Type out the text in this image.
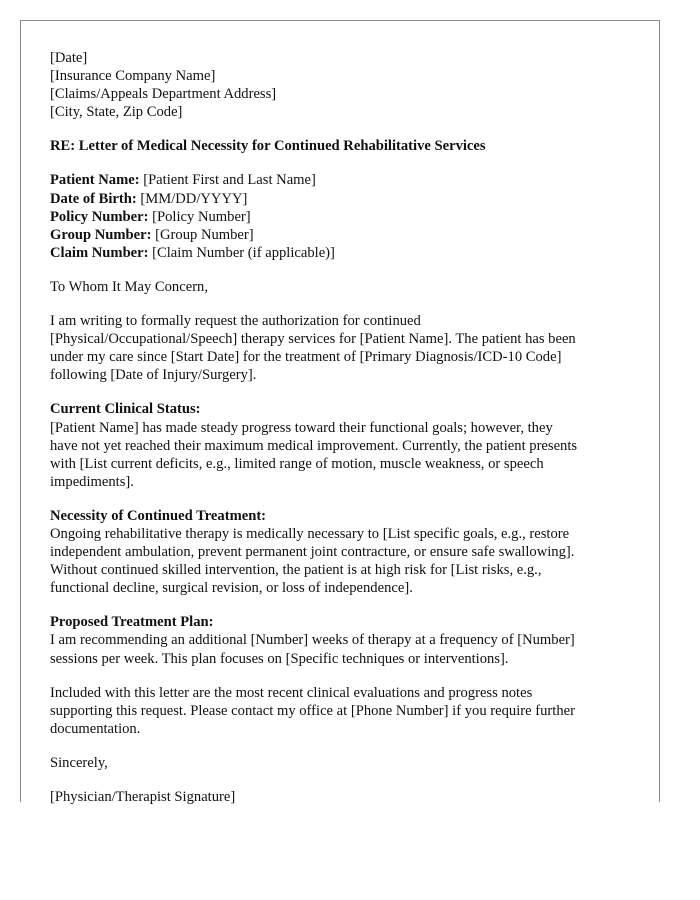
[Date]
[Insurance Company Name]
[Claims/Appeals Department Address]
[City, State, Zip Code]
RE: Letter of Medical Necessity for Continued Rehabilitative Services
Patient Name: [Patient First and Last Name]
Date of Birth: [MM/DD/YYYY]
Policy Number: [Policy Number]
Group Number: [Group Number]
Claim Number: [Claim Number (if applicable)]
To Whom It May Concern,
I am writing to formally request the authorization for continued
[Physical/Occupational/Speech] therapy services for [Patient Name]. The patient has been
under my care since [Start Date] for the treatment of [Primary Diagnosis/ICD-10 Code]
following [Date of Injury/Surgery].
Current Clinical Status:
[Patient Name] has made steady progress toward their functional goals; however, they
have not yet reached their maximum medical improvement. Currently, the patient presents
with [List current deficits, e.g., limited range of motion, muscle weakness, or speech
impediments].
Necessity of Continued Treatment:
Ongoing rehabilitative therapy is medically necessary to [List specific goals, e.g., restore
independent ambulation, prevent permanent joint contracture, or ensure safe swallowing].
Without continued skilled intervention, the patient is at high risk for [List risks, e.g.,
functional decline, surgical revision, or loss of independence].
Proposed Treatment Plan:
I am recommending an additional [Number] weeks of therapy at a frequency of [Number]
sessions per week. This plan focuses on [Specific techniques or interventions].
Included with this letter are the most recent clinical evaluations and progress notes
supporting this request. Please contact my office at [Phone Number] if you require further
documentation.
Sincerely,
[Physician/Therapist Signature]
